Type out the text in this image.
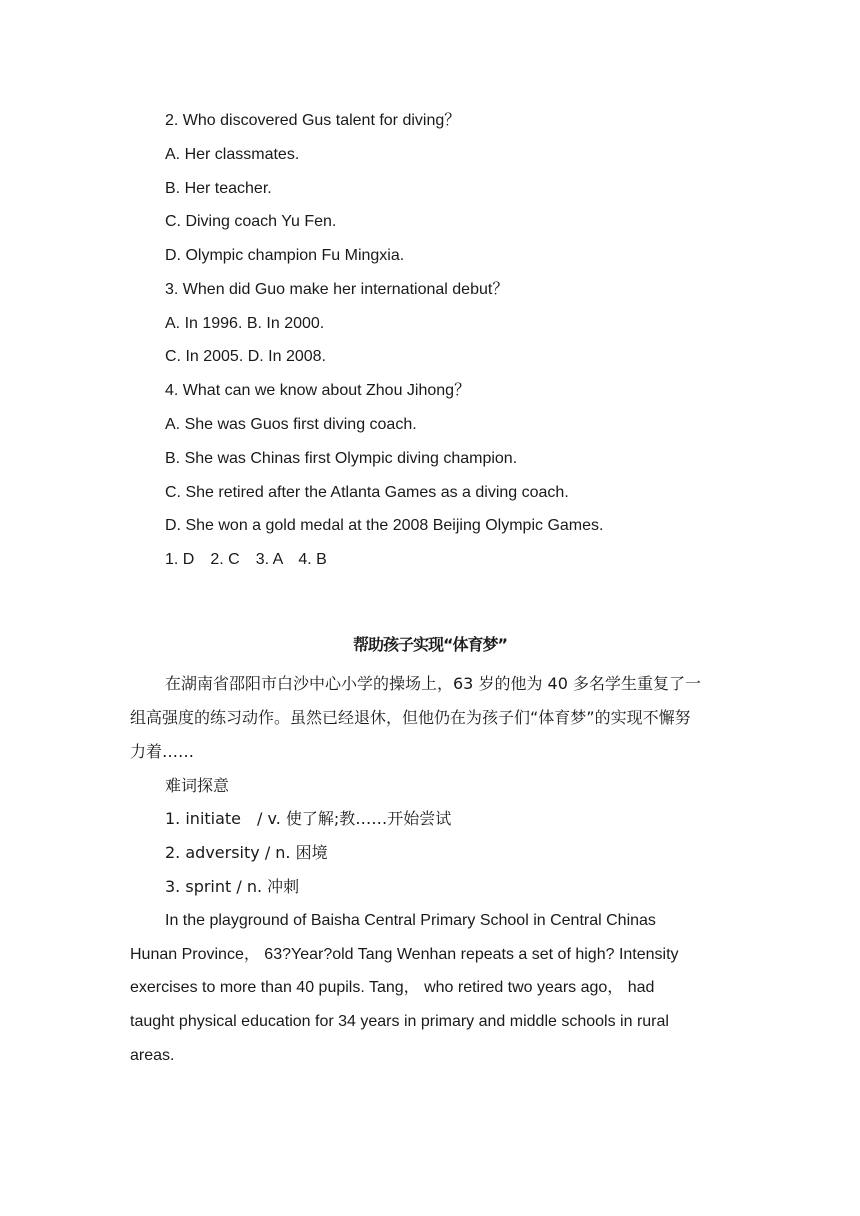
2. Who discovered Gus talent for diving？
A. Her classmates.
B. Her teacher.
C. Diving coach Yu Fen.
D. Olympic champion Fu Mingxia.
3. When did Guo make her international debut？
A. In 1996. B. In 2000.
C. In 2005. D. In 2008.
4. What can we know about Zhou Jihong？
A. She was Guos first diving coach.
B. She was Chinas first Olympic diving champion.
C. She retired after the Atlanta Games as a diving coach.
D. She won a gold medal at the 2008 Beijing Olympic Games.
1. D　2. C　3. A　4. B
帮助孩子实现“体育梦”
在湖南省邵阳市白沙中心小学的操场上，63 岁的他为 40 多名学生重复了一
组高强度的练习动作。虽然已经退休，但他仍在为孩子们“体育梦”的实现不懈努
力着……
难词探意
1. initiate　/ v. 使了解;教……开始尝试
2. adversity / n. 困境
3. sprint / n. 冲刺
In the playground of Baisha Central Primary School in Central Chinas
Hunan Province， 63?Year?old Tang Wenhan repeats a set of high? Intensity
exercises to more than 40 pupils. Tang， who retired two years ago， had
taught physical education for 34 years in primary and middle schools in rural
areas.
